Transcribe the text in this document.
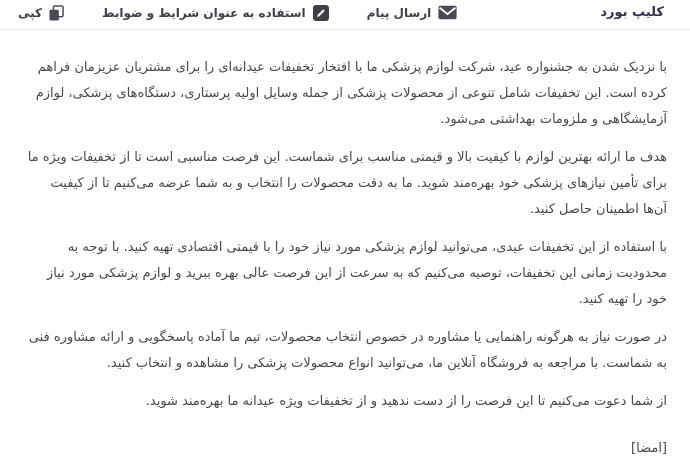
کلیپ بورد
ارسال پیام
استفاده به عنوان شرایط و ضوابط
کپی

با نزدیک شدن به جشنواره عید، شرکت لوازم پزشکی ما با افتخار تخفیفات عیدانه‌ای را برای مشتریان عزیزمان فراهم کرده است. این تخفیفات شامل تنوعی از محصولات پزشکی از جمله وسایل اولیه پرستاری، دستگاه‌های پزشکی، لوازم آزمایشگاهی و ملزومات بهداشتی می‌شود.

هدف ما ارائه بهترین لوازم با کیفیت بالا و قیمتی مناسب برای شماست. این فرصت مناسبی است تا از تخفیفات ویژه ما برای تأمین نیازهای پزشکی خود بهره‌مند شوید. ما به دقت محصولات را انتخاب و به شما عرضه می‌کنیم تا از کیفیت آن‌ها اطمینان حاصل کنید.

با استفاده از این تخفیفات عیدی، می‌توانید لوازم پزشکی مورد نیاز خود را با قیمتی اقتصادی تهیه کنید. با توجه به محدودیت زمانی این تخفیفات، توصیه می‌کنیم که به سرعت از این فرصت عالی بهره ببرید و لوازم پزشکی مورد نیاز خود را تهیه کنید.

در صورت نیاز به هرگونه راهنمایی یا مشاوره در خصوص انتخاب محصولات، تیم ما آماده پاسخگویی و ارائه مشاوره فنی به شماست. با مراجعه به فروشگاه آنلاین ما، می‌توانید انواع محصولات پزشکی را مشاهده و انتخاب کنید.

از شما دعوت می‌کنیم تا این فرصت را از دست ندهید و از تخفیفات ویژه عیدانه ما بهره‌مند شوید.

[امضا]
